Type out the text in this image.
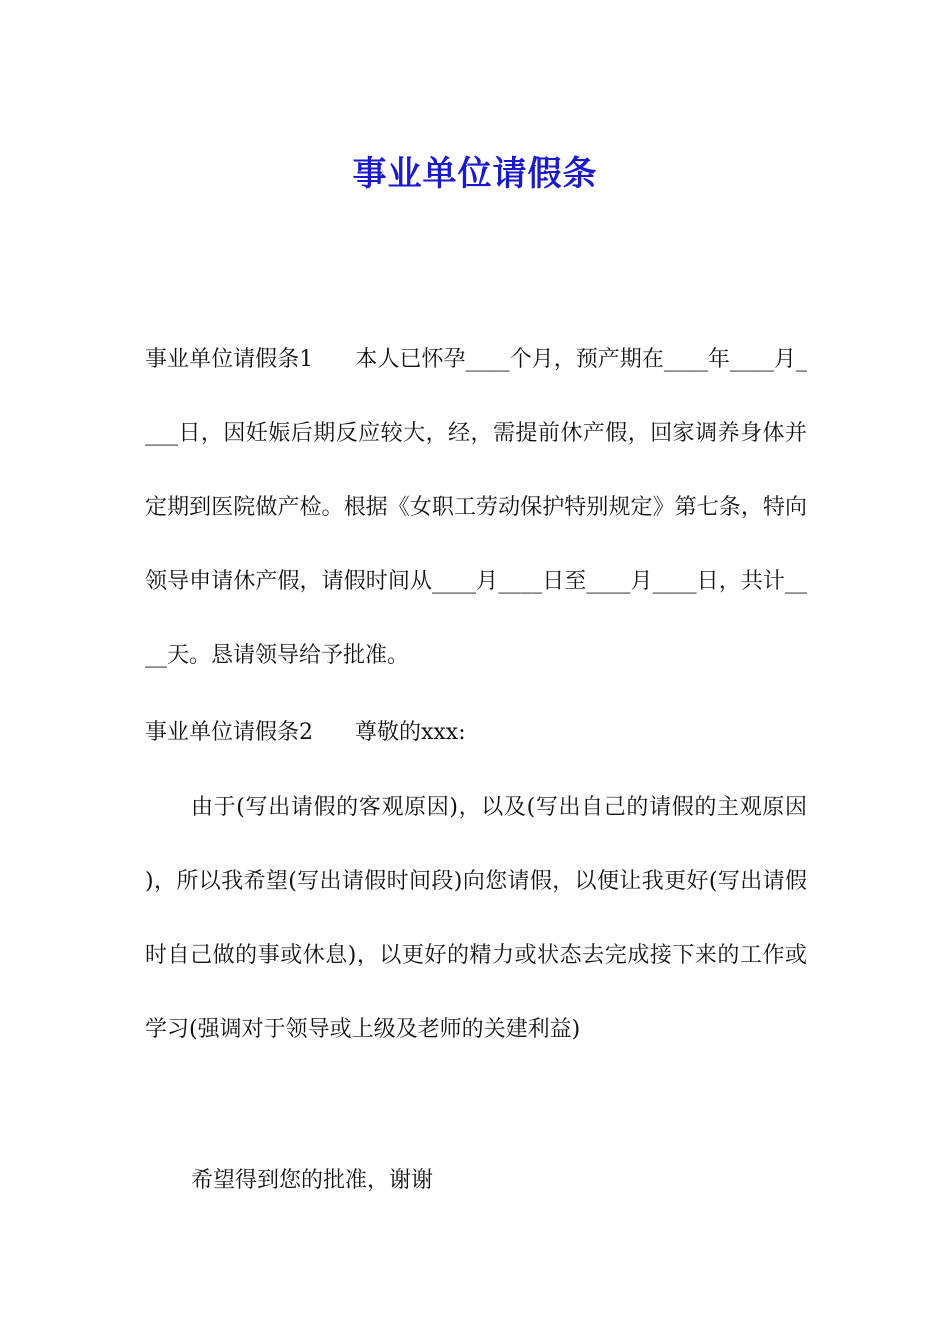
事业单位请假条

事业单位请假条1 本人已怀孕____个月，预产期在____年____月____日，因妊娠后期反应较大，经，需提前休产假，回家调养身体并定期到医院做产检。根据《女职工劳动保护特别规定》第七条，特向领导申请休产假，请假时间从____月____日至____月____日，共计____天。恳请领导给予批准。

事业单位请假条2 尊敬的xxx:

由于(写出请假的客观原因)，以及(写出自己的请假的主观原因 )，所以我希望(写出请假时间段)向您请假，以便让我更好(写出请假时自己做的事或休息)，以更好的精力或状态去完成接下来的工作或学习(强调对于领导或上级及老师的关建利益)

希望得到您的批准，谢谢
